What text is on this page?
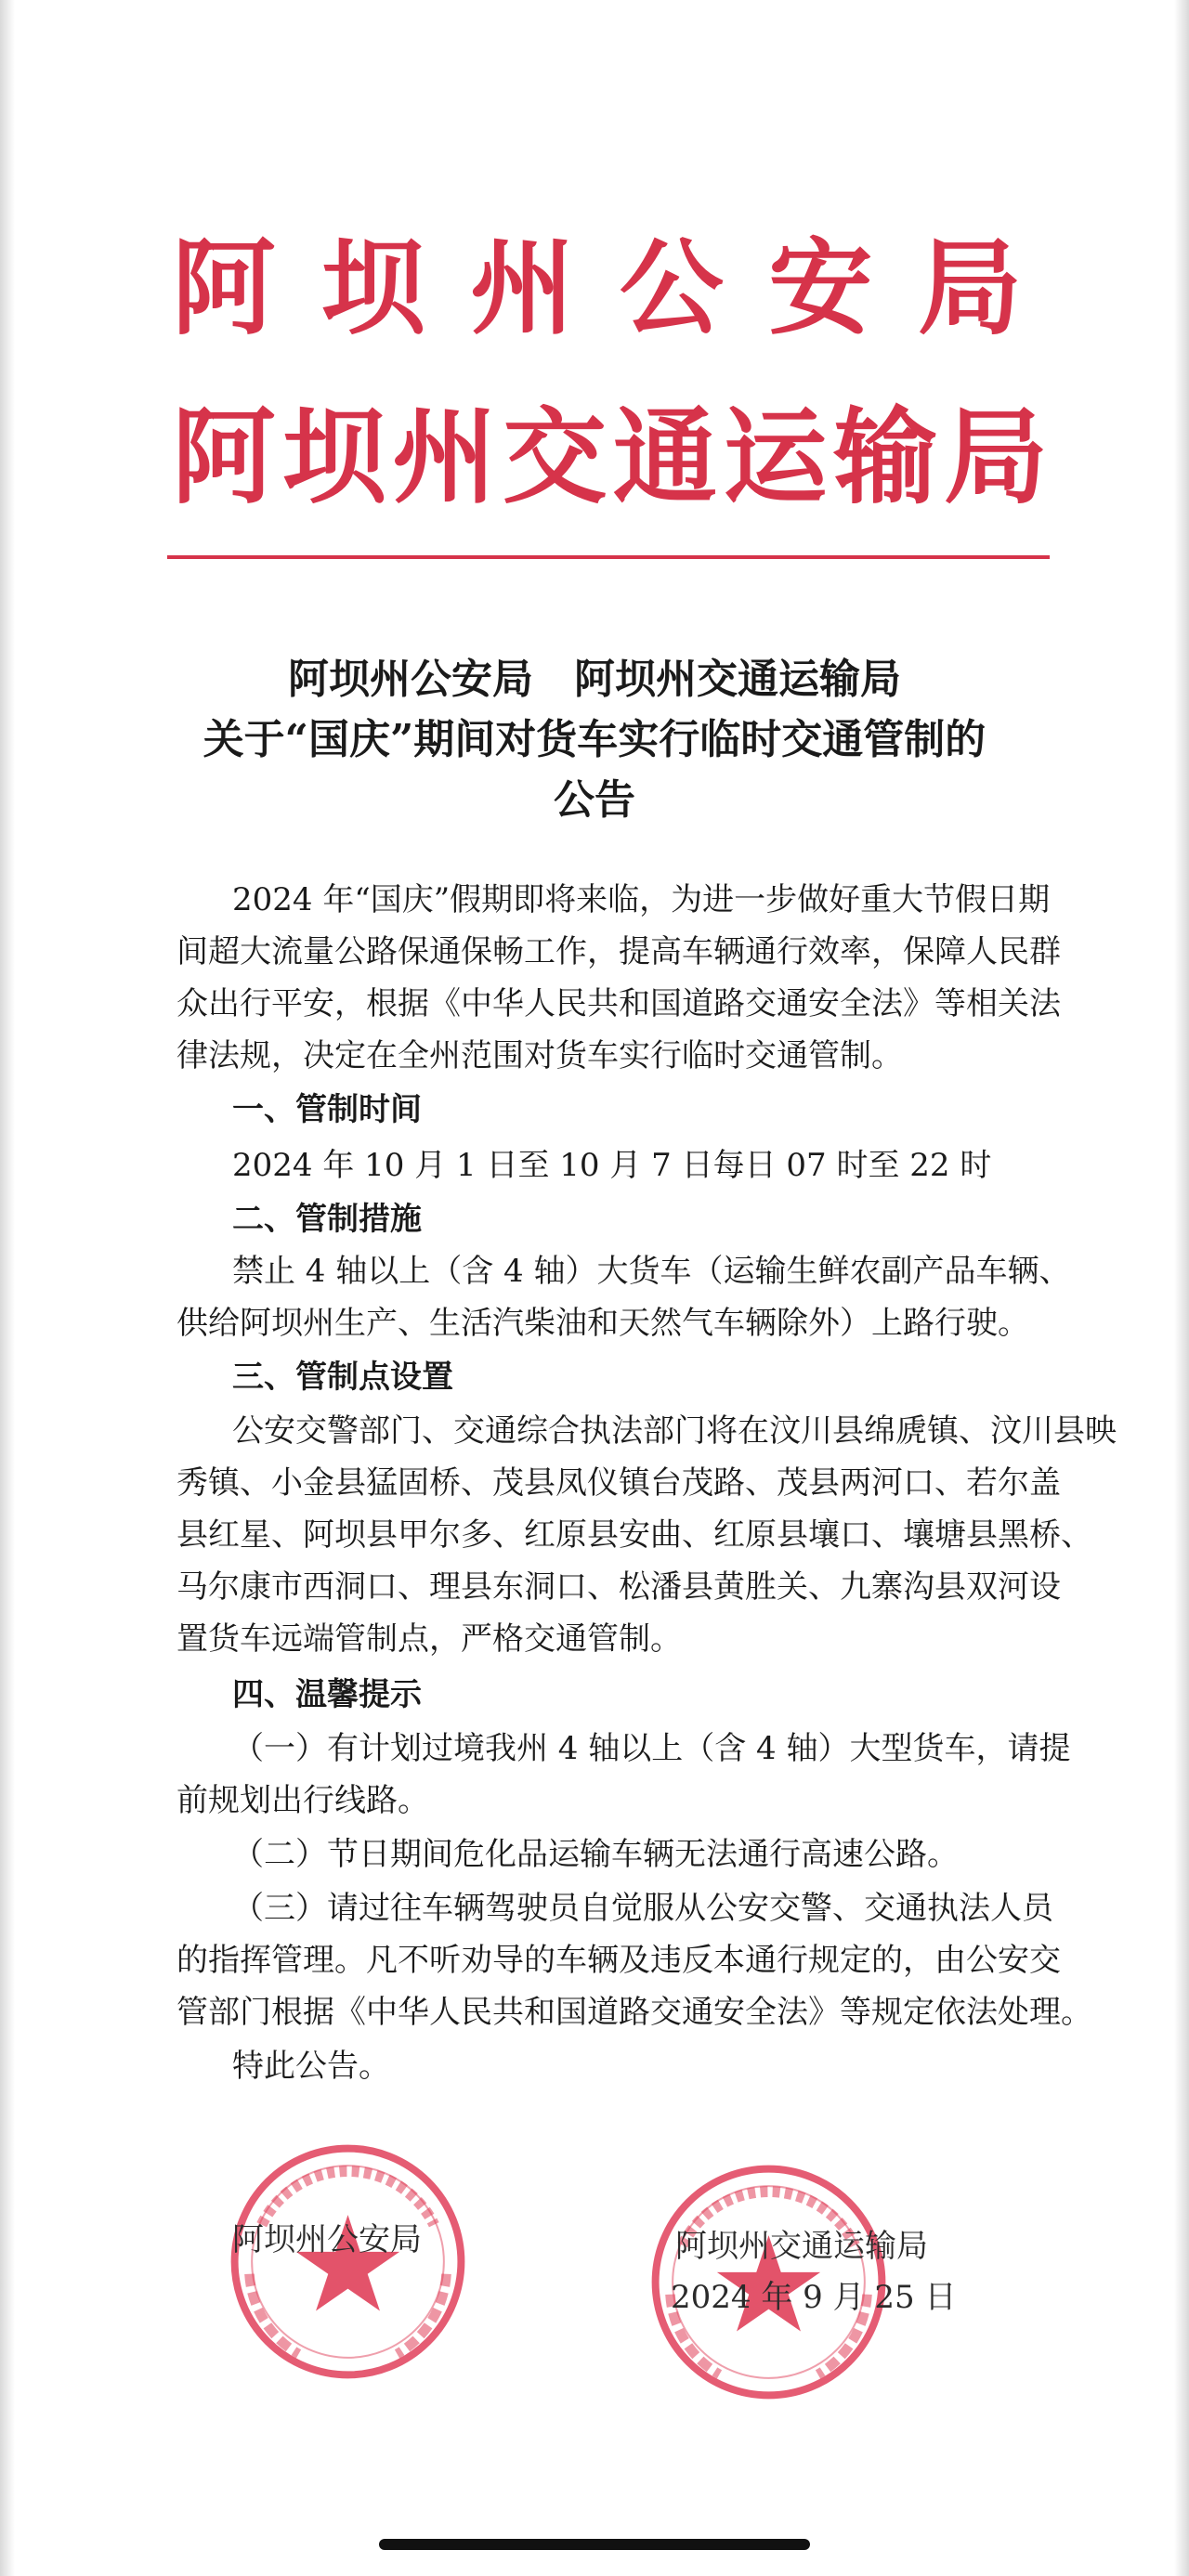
阿坝州公安局
阿坝州交通运输局
阿坝州公安局　阿坝州交通运输局
关于“国庆”期间对货车实行临时交通管制的
公告
2024 年“国庆”假期即将来临，为进一步做好重大节假日期
间超大流量公路保通保畅工作，提高车辆通行效率，保障人民群
众出行平安，根据《中华人民共和国道路交通安全法》等相关法
律法规，决定在全州范围对货车实行临时交通管制。
一、管制时间
2024 年 10 月 1 日至 10 月 7 日每日 07 时至 22 时
二、管制措施
禁止 4 轴以上（含 4 轴）大货车（运输生鲜农副产品车辆、
供给阿坝州生产、生活汽柴油和天然气车辆除外）上路行驶。
三、管制点设置
公安交警部门、交通综合执法部门将在汶川县绵虒镇、汶川县映
秀镇、小金县猛固桥、茂县凤仪镇台茂路、茂县两河口、若尔盖
县红星、阿坝县甲尔多、红原县安曲、红原县壤口、壤塘县黑桥、
马尔康市西洞口、理县东洞口、松潘县黄胜关、九寨沟县双河设
置货车远端管制点，严格交通管制。
四、温馨提示
（一）有计划过境我州 4 轴以上（含 4 轴）大型货车，请提
前规划出行线路。
（二）节日期间危化品运输车辆无法通行高速公路。
（三）请过往车辆驾驶员自觉服从公安交警、交通执法人员
的指挥管理。凡不听劝导的车辆及违反本通行规定的，由公安交
管部门根据《中华人民共和国道路交通安全法》等规定依法处理。
特此公告。
阿坝州公安局	阿坝州交通运输局
2024 年 9 月 25 日
